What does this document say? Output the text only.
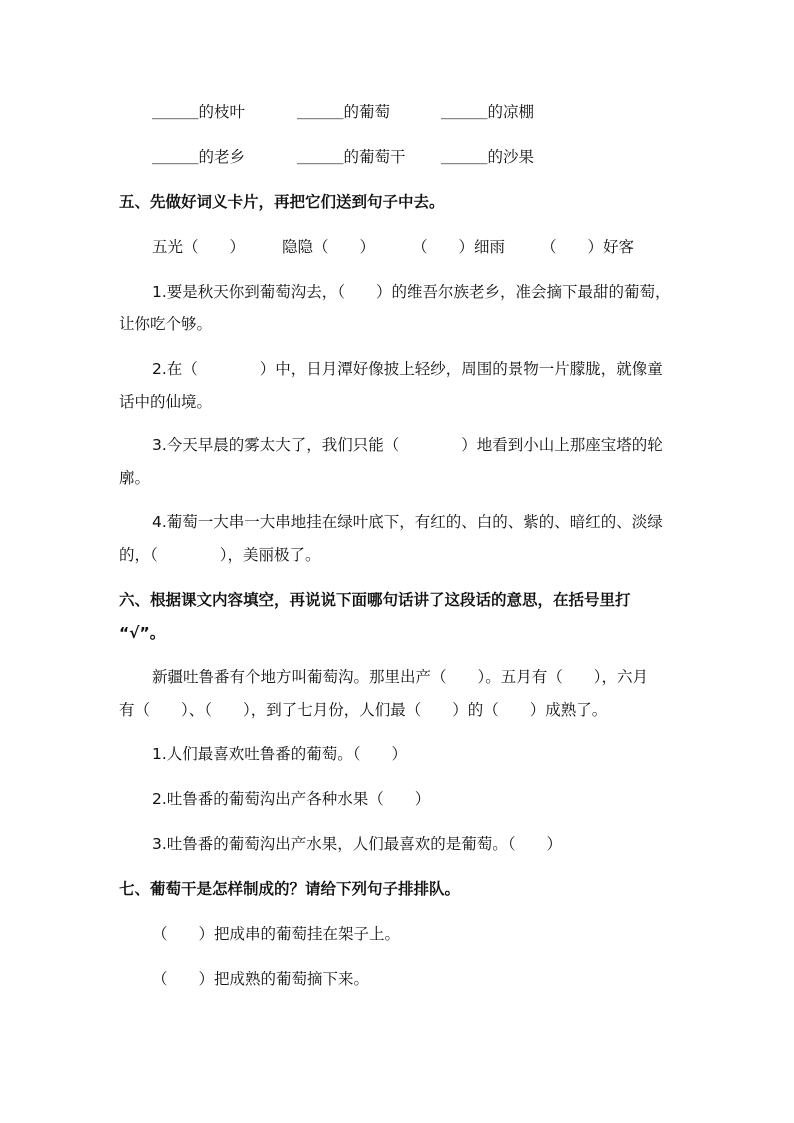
＿＿＿的枝叶	＿＿＿的葡萄	＿＿＿的凉棚
＿＿＿的老乡	＿＿＿的葡萄干 ＿＿＿的沙果
五、先做好词义卡片，再把它们送到句子中去。
五光（　　） 隐隐（　　） （　　）细雨 （　　）好客
1.要是秋天你到葡萄沟去，（　　）的维吾尔族老乡，准会摘下最甜的葡萄，
让你吃个够。
2.在（　　　　）中，日月潭好像披上轻纱，周围的景物一片朦胧，就像童
话中的仙境。
3.今天早晨的雾太大了，我们只能（　　　　）地看到小山上那座宝塔的轮
廓。
4.葡萄一大串一大串地挂在绿叶底下，有红的、白的、紫的、暗红的、淡绿
的，（　　　　），美丽极了。
六、根据课文内容填空，再说说下面哪句话讲了这段话的意思，在括号里打
“√”。
新疆吐鲁番有个地方叫葡萄沟。那里出产（　　）。五月有（　　），六月
有（　　）、（　　），到了七月份，人们最（　　）的（　　）成熟了。
1.人们最喜欢吐鲁番的葡萄。（　　）
2.吐鲁番的葡萄沟出产各种水果（　　）
3.吐鲁番的葡萄沟出产水果，人们最喜欢的是葡萄。（　　）
七、葡萄干是怎样制成的？请给下列句子排排队。
（　　）把成串的葡萄挂在架子上。
（　　）把成熟的葡萄摘下来。
